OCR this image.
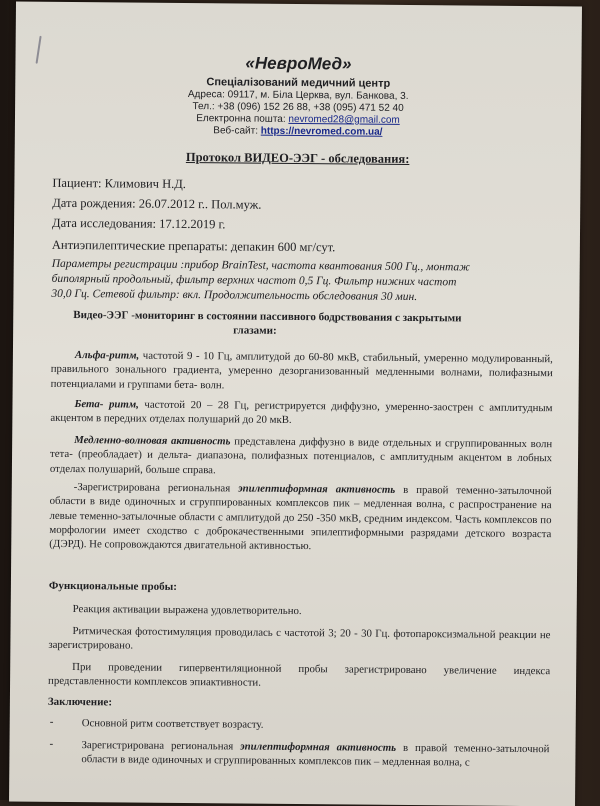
«НевроМед»
Спеціалізований медичний центр
Адреса: 09117, м. Біла Церква, вул. Банкова, 3.
Тел.: +38 (096) 152 26 88, +38 (095) 471 52 40
Електронна пошта: nevromed28@gmail.com
Веб-сайт: https://nevromed.com.ua/
Протокол ВИДЕО-ЭЭГ - обследования:
Пациент: Климович Н.Д.
Дата рождения: 26.07.2012 г.. Пол.муж.
Дата исследования: 17.12.2019 г.
Антиэпилептические препараты: депакин 600 мг/сут.
Параметры регистрации :прибор BrainTest, частота квантования 500 Гц., монтаж
биполярный продольный, фильтр верхних частот 0,5 Гц. Фильтр нижних частот
30,0 Гц. Сетевой фильтр: вкл. Продолжительность обследования 30 мин.
Видео-ЭЭГ -мониторинг в состоянии пассивного бодрствования с закрытыми
глазами:
Альфа-ритм, частотой 9 - 10 Гц, амплитудой до 60-80 мкВ, стабильный, умеренно модулированный, правильного зонального градиента, умеренно дезорганизованный медленными волнами, полифазными потенциалами и группами бета- волн.
Бета- ритм, частотой 20 – 28 Гц, регистрируется диффузно, умеренно-заострен с амплитудным акцентом в передних отделах полушарий до 20 мкВ.
Медленно-волновая активность представлена диффузно в виде отдельных и сгруппированных волн тета- (преобладает) и дельта- диапазона, полифазных потенциалов, с амплитудным акцентом в лобных отделах полушарий, больше справа.
-Зарегистрирована региональная эпилептиформная активность в правой теменно-затылочной области в виде одиночных и сгруппированных комплексов пик – медленная волна, с распространение на левые теменно-затылочные области с амплитудой до 250 -350 мкВ, средним индексом. Часть комплексов по морфологии имеет сходство с доброкачественными эпилептиформными разрядами детского возраста (ДЭРД). Не сопровождаются двигательной активностью.
Функциональные пробы:
Реакция активации выражена удовлетворительно.
Ритмическая фотостимуляция проводилась с частотой 3; 20 - 30 Гц. фотопароксизмальной реакции не зарегистрировано.
При проведении гипервентиляционной пробы зарегистрировано увеличение индекса представленности комплексов эпиактивности.
Заключение:
-	Основной ритм соответствует возрасту.
-	Зарегистрирована региональная эпилептиформная активность в правой теменно-затылочной области в виде одиночных и сгруппированных комплексов пик – медленная волна, с
